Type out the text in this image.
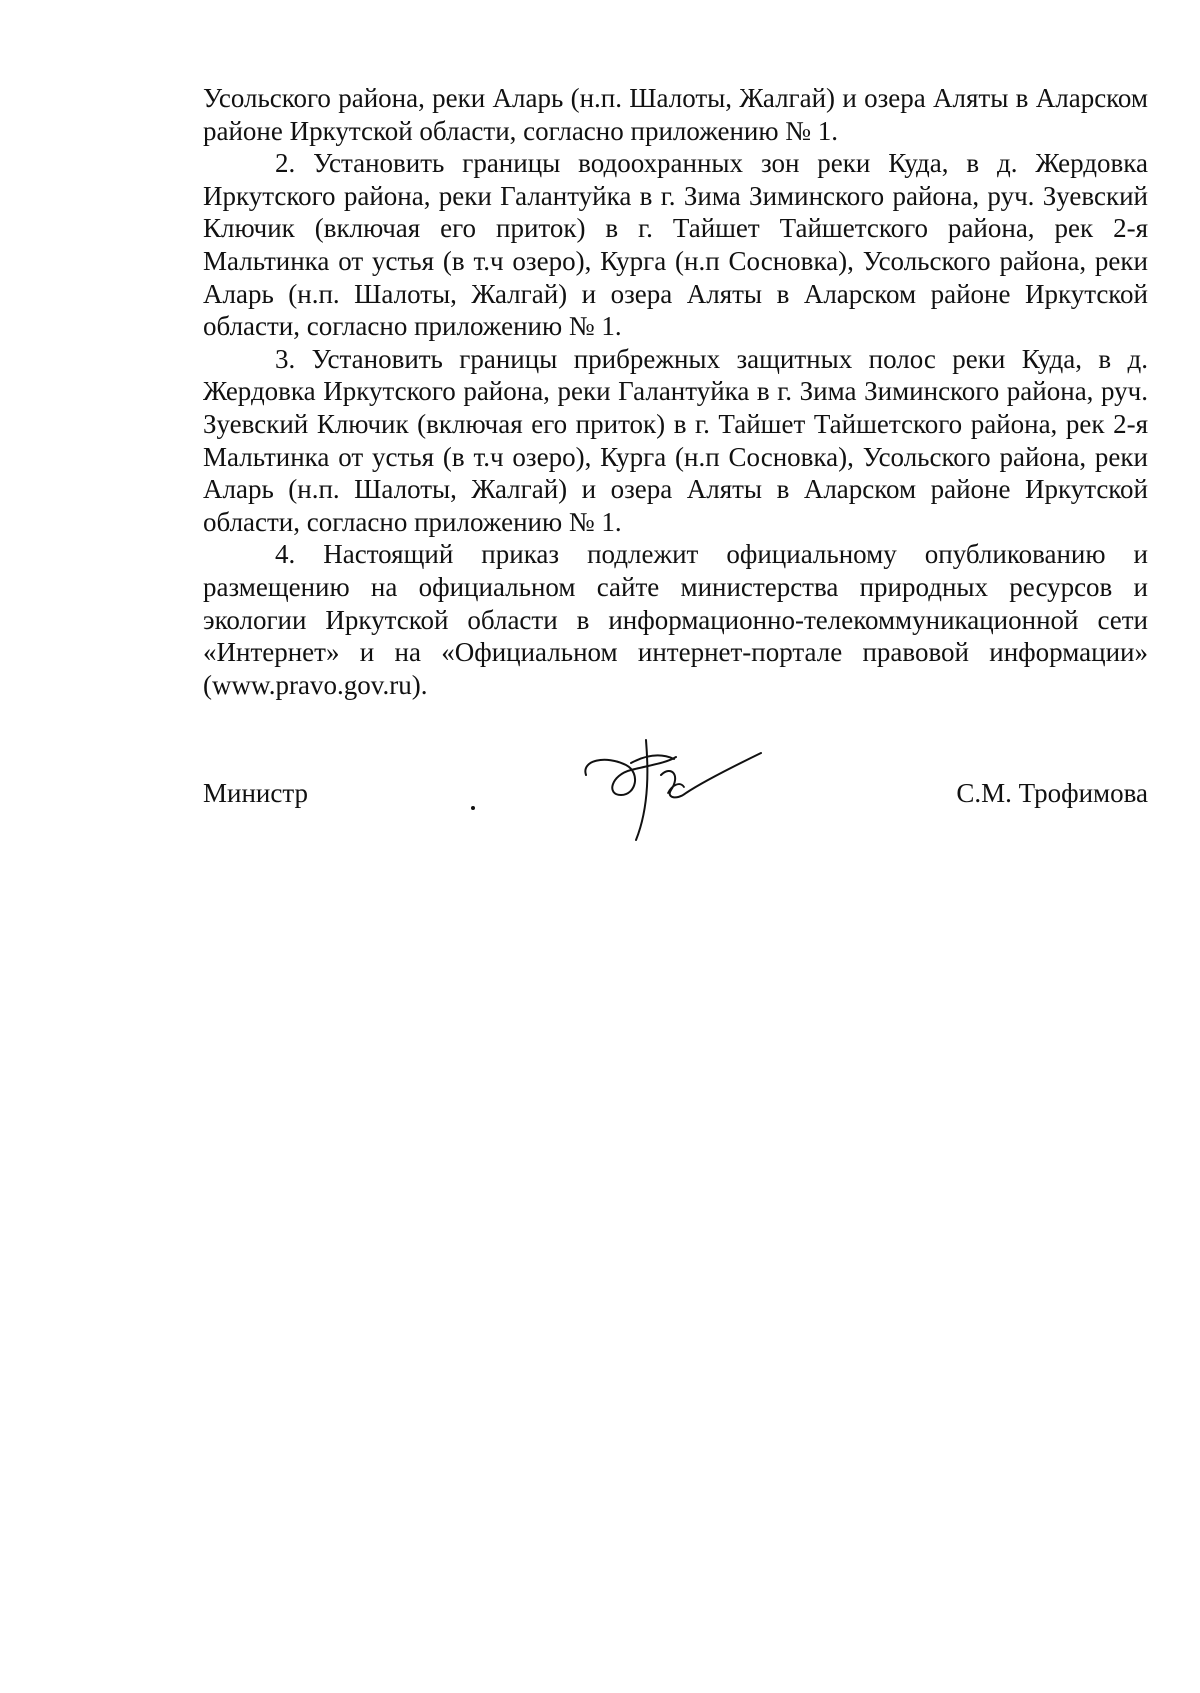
Усольского района, реки Аларь (н.п. Шалоты, Жалгай) и озера Аляты в Аларском районе Иркутской области, согласно приложению № 1.

2. Установить границы водоохранных зон реки Куда, в д. Жердовка Иркутского района, реки Галантуйка в г. Зима Зиминского района, руч. Зуевский Ключик (включая его приток) в г. Тайшет Тайшетского района, рек 2-я Мальтинка от устья (в т.ч озеро), Курга (н.п Сосновка), Усольского района, реки Аларь (н.п. Шалоты, Жалгай) и озера Аляты в Аларском районе Иркутской области, согласно приложению № 1.

3. Установить границы прибрежных защитных полос реки Куда, в д. Жердовка Иркутского района, реки Галантуйка в г. Зима Зиминского района, руч. Зуевский Ключик (включая его приток) в г. Тайшет Тайшетского района, рек 2-я Мальтинка от устья (в т.ч озеро), Курга (н.п Сосновка), Усольского района, реки Аларь (н.п. Шалоты, Жалгай) и озера Аляты в Аларском районе Иркутской области, согласно приложению № 1.

4. Настоящий приказ подлежит официальному опубликованию и размещению на официальном сайте министерства природных ресурсов и экологии Иркутской области в информационно-телекоммуникационной сети «Интернет» и на «Официальном интернет-портале правовой информации» (www.pravo.gov.ru).

Министр	С.М. Трофимова
